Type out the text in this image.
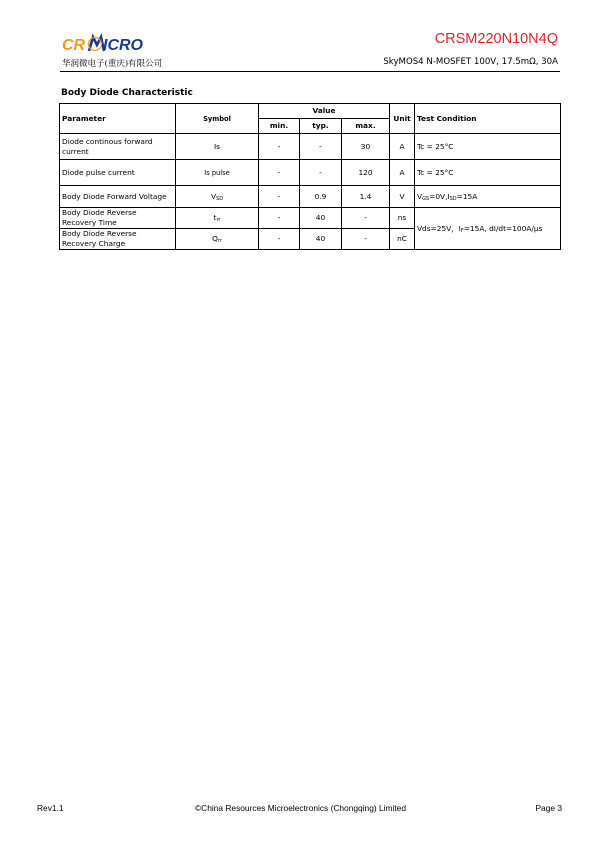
CR ICRO
华润微电子(重庆)有限公司
CRSM220N10N4Q
SkyMOS4 N-MOSFET 100V, 17.5mΩ, 30A
Body Diode Characteristic
Parameter	Symbol	Value			Unit	Test Condition
		min.	typ.	max.		
Diode continous forward current	Is	-	-	30	A	Tc = 25°C
Diode pulse current	Is pulse	-	-	120	A	Tc = 25°C
Body Diode Forward Voltage	$V_{SD}$	-	0.9	1.4	V	$V_{GS}=0V,I_{SD}=15A$
Body Diode Reverse Recovery Time	$t_{rr}$	-	40	-	ns	Vds=25V，$I_F=15A$, dI/dt=100A/μs
Body Diode Reverse Recovery Charge	$Q_{rr}$	-	40	-	nC	
Rev1.1	©China Resources Microelectronics (Chongqing) Limited	Page 3
